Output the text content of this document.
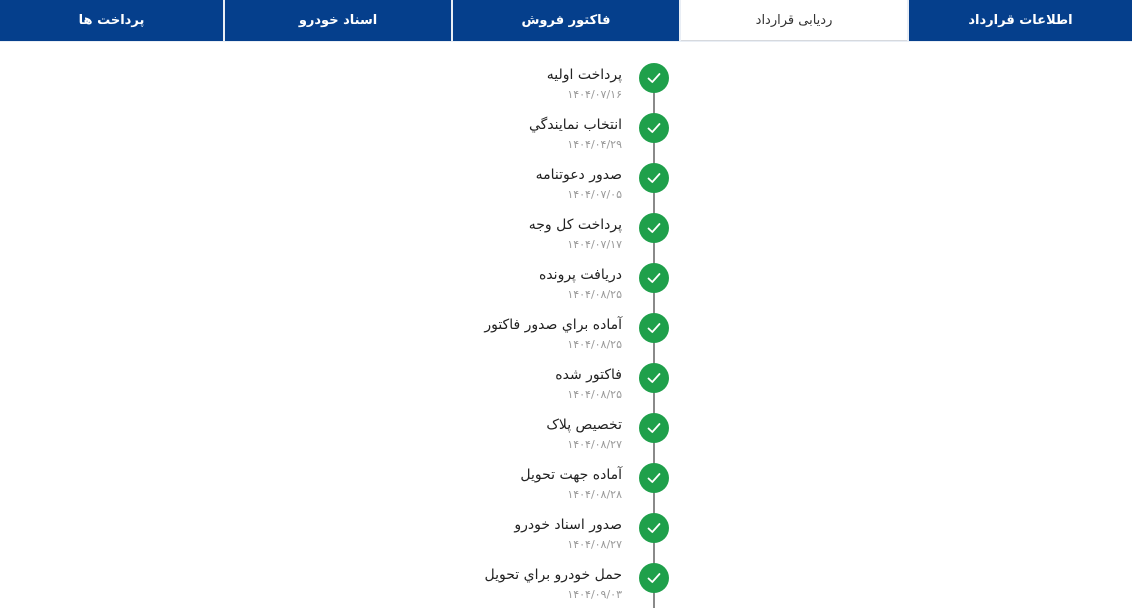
اطلاعات قرارداد
ردیابی قرارداد
فاکتور فروش
اسناد خودرو
پرداخت ها
پرداخت اولیه
۱۴۰۴/۰۷/۱۶
انتخاب نمایندگي
۱۴۰۴/۰۴/۲۹
صدور دعوتنامه
۱۴۰۴/۰۷/۰۵
پرداخت کل وجه
۱۴۰۴/۰۷/۱۷
دریافت پرونده
۱۴۰۴/۰۸/۲۵
آماده براي صدور فاکتور
۱۴۰۴/۰۸/۲۵
فاکتور شده
۱۴۰۴/۰۸/۲۵
تخصیص پلاک
۱۴۰۴/۰۸/۲۷
آماده جهت تحویل
۱۴۰۴/۰۸/۲۸
صدور اسناد خودرو
۱۴۰۴/۰۸/۲۷
حمل خودرو براي تحویل
۱۴۰۴/۰۹/۰۳
